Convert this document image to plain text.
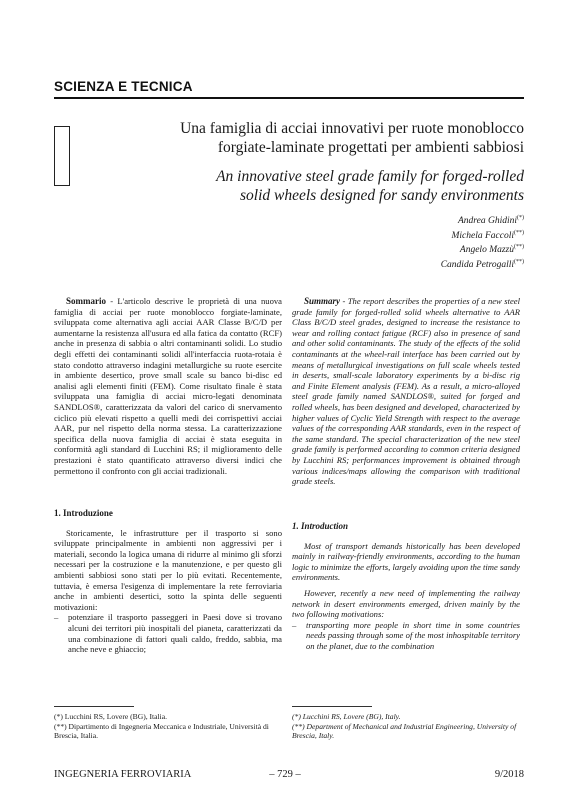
SCIENZA E TECNICA
Una famiglia di acciai innovativi per ruote monoblocco
forgiate-laminate progettati per ambienti sabbiosi
An innovative steel grade family for forged-rolled
solid wheels designed for sandy environments
Andrea Ghidini(*)
Michela Faccoli(**)
Angelo Mazzù(**)
Candida Petrogalli(**)

Sommario - L'articolo descrive le proprietà di una nuova famiglia di acciai per ruote monoblocco forgiate-laminate, sviluppata come alternativa agli acciai AAR Classe B/C/D per aumentarne la resistenza all'usura ed alla fatica da contatto (RCF) anche in presenza di sabbia o altri contaminanti solidi. Lo studio degli effetti dei contaminanti solidi all'interfaccia ruota-rotaia è stato condotto attraverso indagini metallurgiche su ruote esercite in ambiente desertico, prove small scale su banco bi-disc ed analisi agli elementi finiti (FEM). Come risultato finale è stata sviluppata una famiglia di acciai micro-legati denominata SANDLOS®, caratterizzata da valori del carico di snervamento ciclico più elevati rispetto a quelli medi dei corrispettivi acciai AAR, pur nel rispetto della norma stessa. La caratterizzazione specifica della nuova famiglia di acciai è stata eseguita in conformità agli standard di Lucchini RS; il miglioramento delle prestazioni è stato quantificato attraverso diversi indici che permettono il confronto con gli acciai tradizionali.

1. Introduzione

Storicamente, le infrastrutture per il trasporto si sono sviluppate principalmente in ambienti non aggressivi per i materiali, secondo la logica umana di ridurre al minimo gli sforzi necessari per la costruzione e la manutenzione, e per questo gli ambienti sabbiosi sono stati per lo più evitati. Recentemente, tuttavia, è emersa l'esigenza di implementare la rete ferroviaria anche in ambienti desertici, sotto la spinta delle seguenti motivazioni:

– potenziare il trasporto passeggeri in Paesi dove si trovano alcuni dei territori più inospitali del pianeta, caratterizzati da una combinazione di fattori quali caldo, freddo, sabbia, ma anche neve e ghiaccio;

(*) Lucchini RS, Lovere (BG), Italia.
(**) Dipartimento di Ingegneria Meccanica e Industriale, Università di Brescia, Italia.

Summary - The report describes the properties of a new steel grade family for forged-rolled solid wheels alternative to AAR Class B/C/D steel grades, designed to increase the resistance to wear and rolling contact fatigue (RCF) also in presence of sand and other solid contaminants. The study of the effects of the solid contaminants at the wheel-rail interface has been carried out by means of metallurgical investigations on full scale wheels tested in deserts, small-scale laboratory experiments by a bi-disc rig and Finite Element analysis (FEM). As a result, a micro-alloyed steel grade family named SANDLOS®, suited for forged and rolled wheels, has been designed and developed, characterized by higher values of Cyclic Yield Strength with respect to the average values of the corresponding AAR standards, even in the respect of the same standard. The special characterization of the new steel grade family is performed according to common criteria designed by Lucchini RS; performances improvement is obtained through various indices/maps allowing the comparison with traditional grade steels.

1. Introduction

Most of transport demands historically has been developed mainly in railway-friendly environments, according to the human logic to minimize the efforts, largely avoiding upon the time sandy environments.

However, recently a new need of implementing the railway network in desert environments emerged, driven mainly by the two following motivations:

– transporting more people in short time in some countries needs passing through some of the most inhospitable territory on the planet, due to the combination

(*) Lucchini RS, Lovere (BG), Italy.
(**) Department of Mechanical and Industrial Engineering, University of Brescia, Italy.
INGEGNERIA FERROVIARIA	– 729 –	9/2018
